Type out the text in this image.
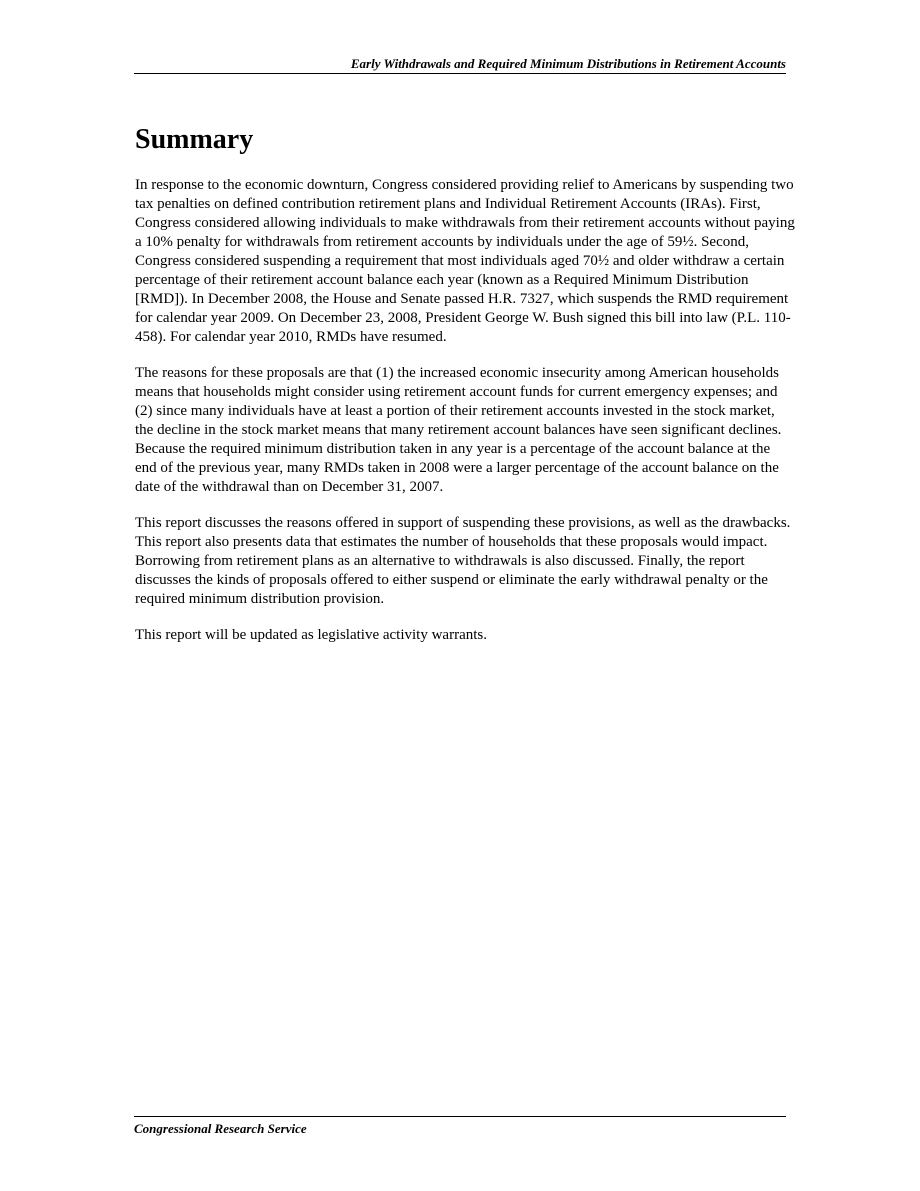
Early Withdrawals and Required Minimum Distributions in Retirement Accounts
Summary

In response to the economic downturn, Congress considered providing relief to Americans by suspending two tax penalties on defined contribution retirement plans and Individual Retirement Accounts (IRAs). First, Congress considered allowing individuals to make withdrawals from their retirement accounts without paying a 10% penalty for withdrawals from retirement accounts by individuals under the age of 59½. Second, Congress considered suspending a requirement that most individuals aged 70½ and older withdraw a certain percentage of their retirement account balance each year (known as a Required Minimum Distribution [RMD]). In December 2008, the House and Senate passed H.R. 7327, which suspends the RMD requirement for calendar year 2009. On December 23, 2008, President George W. Bush signed this bill into law (P.L. 110-458). For calendar year 2010, RMDs have resumed.

The reasons for these proposals are that (1) the increased economic insecurity among American households means that households might consider using retirement account funds for current emergency expenses; and (2) since many individuals have at least a portion of their retirement accounts invested in the stock market, the decline in the stock market means that many retirement account balances have seen significant declines. Because the required minimum distribution taken in any year is a percentage of the account balance at the end of the previous year, many RMDs taken in 2008 were a larger percentage of the account balance on the date of the withdrawal than on December 31, 2007.

This report discusses the reasons offered in support of suspending these provisions, as well as the drawbacks. This report also presents data that estimates the number of households that these proposals would impact. Borrowing from retirement plans as an alternative to withdrawals is also discussed. Finally, the report discusses the kinds of proposals offered to either suspend or eliminate the early withdrawal penalty or the required minimum distribution provision.

This report will be updated as legislative activity warrants.

Congressional Research Service
